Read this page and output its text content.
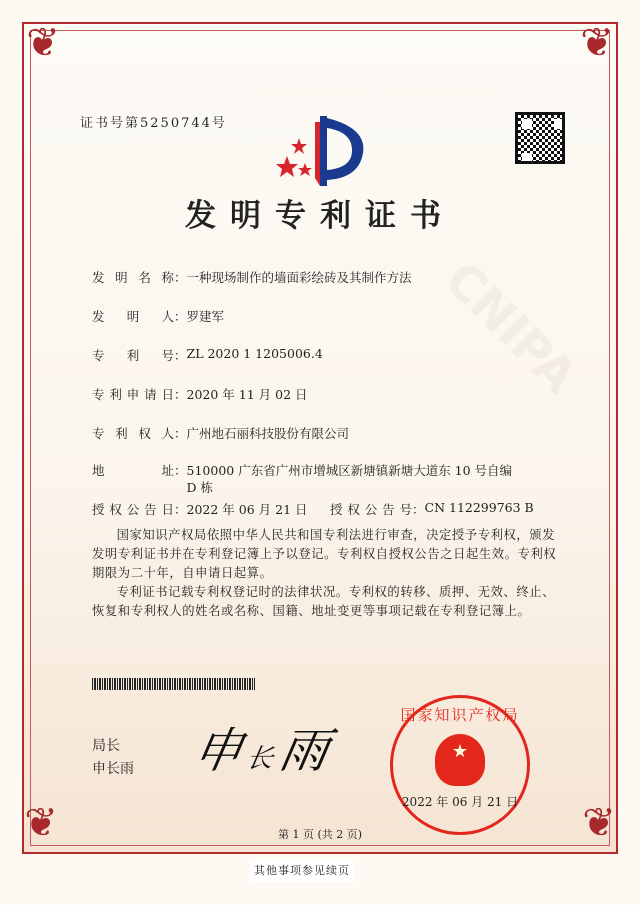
CNIPA
❦	❦
❦	❦
证书号第5250744号
发明专利证书
发 明 名 称 ： 一种现场制作的墙面彩绘砖及其制作方法
发 明 人 ： 罗建军
专 利 号 ： ZL 2020 1 1205006.4
专 利 申 请 日 ： 2020 年 11 月 02 日
专 利 权 人 ： 广州地石丽科技股份有限公司
地	址 ： 510000 广东省广州市增城区新塘镇新塘大道东 10 号自编 D 栋
授 权 公 告 日 ： 2022 年 06 月 21 日	授 权 公 告 号 ： CN 112299763 B
国家知识产权局依照中华人民共和国专利法进行审查，决定授予专利权，颁发发明专利证书并在专利登记簿上予以登记。专利权自授权公告之日起生效。专利权期限为二十年，自申请日起算。
专利证书记载专利权登记时的法律状况。专利权的转移、质押、无效、终止、恢复和专利权人的姓名或名称、国籍、地址变更等事项记载在专利登记簿上。
局长
申长雨 申长雨
国家知识产权局
★
2022 年 06 月 21 日
第 1 页 (共 2 页)
其他事项参见续页
